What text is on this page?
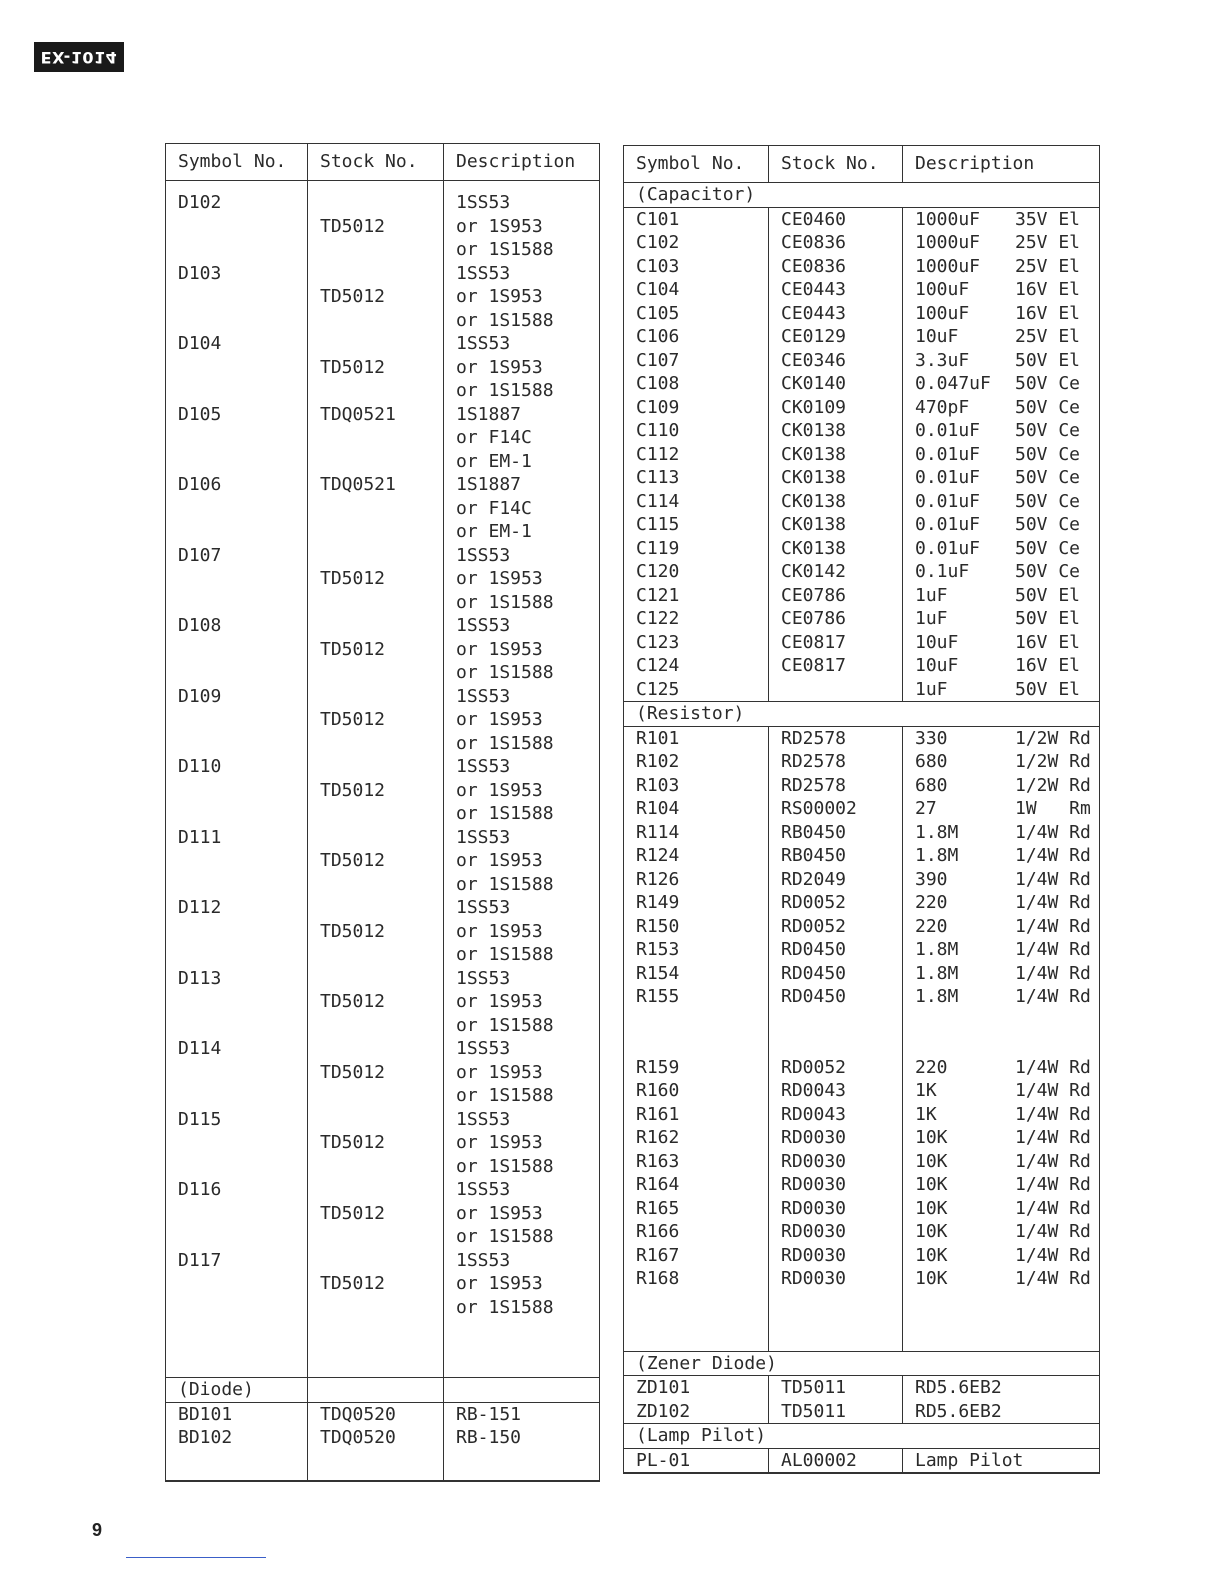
EX-1014
Symbol No.	Stock No.	Description

D102		1SS53
	TD5012	or 1S953
		or 1S1588
D103		1SS53
	TD5012	or 1S953
		or 1S1588
D104		1SS53
	TD5012	or 1S953
		or 1S1588
D105	TDQ0521	1S1887
		or F14C
		or EM-1
D106	TDQ0521	1S1887
		or F14C
		or EM-1
D107		1SS53
	TD5012	or 1S953
		or 1S1588
D108		1SS53
	TD5012	or 1S953
		or 1S1588
D109		1SS53
	TD5012	or 1S953
		or 1S1588
D110		1SS53
	TD5012	or 1S953
		or 1S1588
D111		1SS53
	TD5012	or 1S953
		or 1S1588
D112		1SS53
	TD5012	or 1S953
		or 1S1588
D113		1SS53
	TD5012	or 1S953
		or 1S1588
D114		1SS53
	TD5012	or 1S953
		or 1S1588
D115		1SS53
	TD5012	or 1S953
		or 1S1588
D116		1SS53
	TD5012	or 1S953
		or 1S1588
D117		1SS53
	TD5012	or 1S953
		or 1S1588

(Diode)		
BD101	TDQ0520	RB-151
BD102	TDQ0520	RB-150

Symbol No.	Stock No.	Description
(Capacitor)		
C101	CE0460	1000uF 35V El
C102	CE0836	1000uF 25V El
C103	CE0836	1000uF 25V El
C104	CE0443	100uF 16V El
C105	CE0443	100uF 16V El
C106	CE0129	10uF 25V El
C107	CE0346	3.3uF 50V El
C108	CK0140	0.047uF 50V Ce
C109	CK0109	470pF 50V Ce
C110	CK0138	0.01uF 50V Ce
C112	CK0138	0.01uF 50V Ce
C113	CK0138	0.01uF 50V Ce
C114	CK0138	0.01uF 50V Ce
C115	CK0138	0.01uF 50V Ce
C119	CK0138	0.01uF 50V Ce
C120	CK0142	0.1uF 50V Ce
C121	CE0786	1uF 50V El
C122	CE0786	1uF 50V El
C123	CE0817	10uF 16V El
C124	CE0817	10uF 16V El
C125		1uF 50V El
(Resistor)		
R101	RD2578	330 1/2W Rd
R102	RD2578	680 1/2W Rd
R103	RD2578	680 1/2W Rd
R104	RS00002	27 1W   Rm
R114	RB0450	1.8M 1/4W Rd
R124	RB0450	1.8M 1/4W Rd
R126	RD2049	390 1/4W Rd
R149	RD0052	220 1/4W Rd
R150	RD0052	220 1/4W Rd
R153	RD0450	1.8M 1/4W Rd
R154	RD0450	1.8M 1/4W Rd
R155	RD0450	1.8M 1/4W Rd

R159	RD0052	220 1/4W Rd
R160	RD0043	1K 1/4W Rd
R161	RD0043	1K 1/4W Rd
R162	RD0030	10K 1/4W Rd
R163	RD0030	10K 1/4W Rd
R164	RD0030	10K 1/4W Rd
R165	RD0030	10K 1/4W Rd
R166	RD0030	10K 1/4W Rd
R167	RD0030	10K 1/4W Rd
R168	RD0030	10K 1/4W Rd

(Zener Diode)		
ZD101	TD5011	RD5.6EB2
ZD102	TD5011	RD5.6EB2
(Lamp Pilot)		
PL-01	AL00002	Lamp Pilot
9
